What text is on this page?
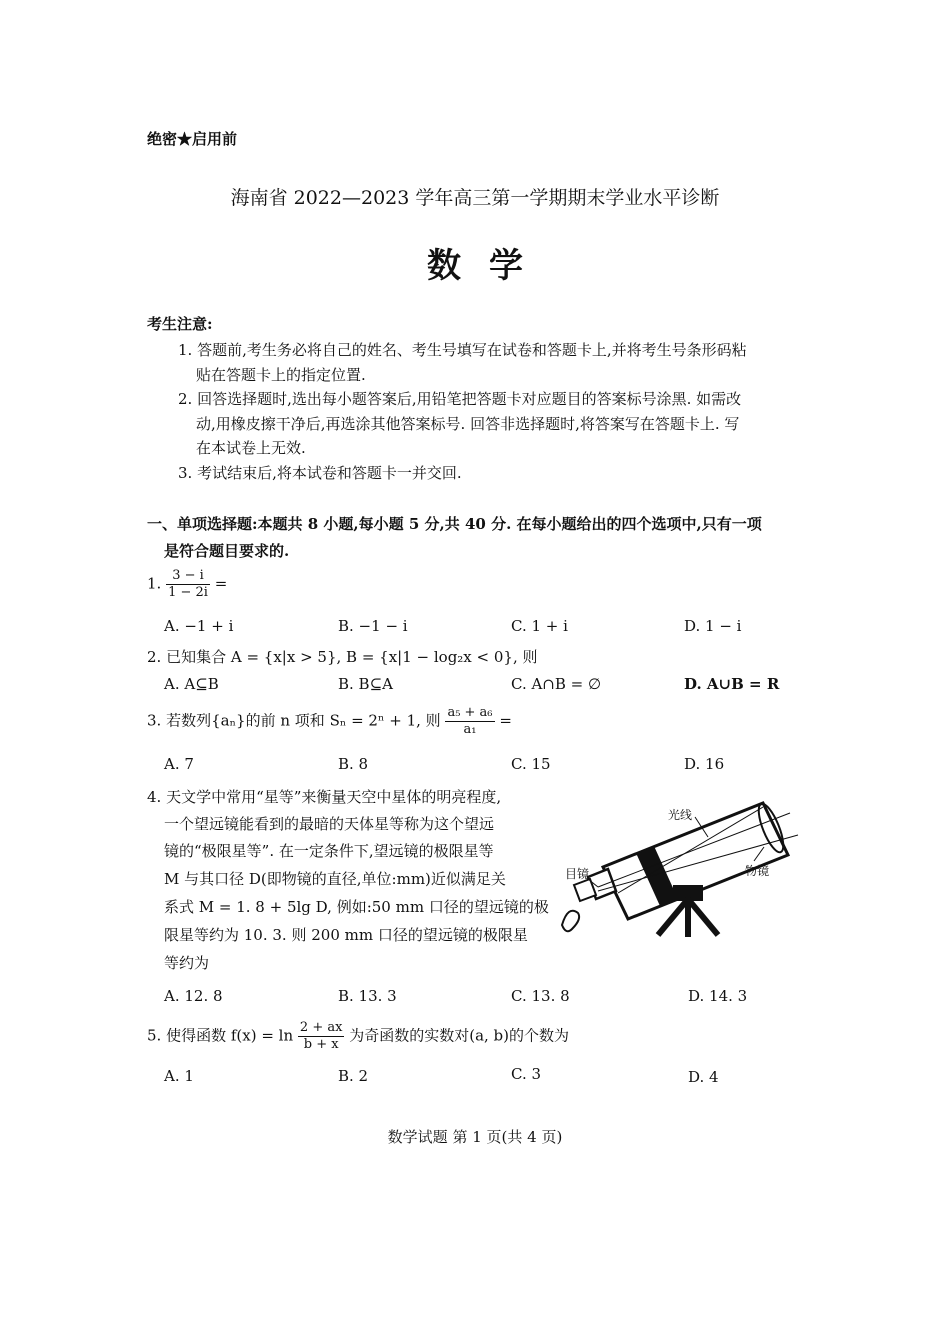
绝密★启用前
海南省 2022—2023 学年高三第一学期期末学业水平诊断
数学
考生注意:
1. 答题前,考生务必将自己的姓名、考生号填写在试卷和答题卡上,并将考生号条形码粘
贴在答题卡上的指定位置.
2. 回答选择题时,选出每小题答案后,用铅笔把答题卡对应题目的答案标号涂黑. 如需改
动,用橡皮擦干净后,再选涂其他答案标号. 回答非选择题时,将答案写在答题卡上. 写
在本试卷上无效.
3. 考试结束后,将本试卷和答题卡一并交回.
一、单项选择题:本题共 8 小题,每小题 5 分,共 40 分. 在每小题给出的四个选项中,只有一项
是符合题目要求的.
1. $\frac{3 - i}{1 - 2i}$ =
A. −1 + i	B. −1 − i	C. 1 + i	D. 1 − i
2. 已知集合 A = {x|x > 5}, B = {x|1 − log₂x < 0}, 则
A. A⊆B	B. B⊆A	C. A∩B = ∅	D. A∪B = R
3. 若数列{aₙ}的前 n 项和 Sₙ = 2ⁿ + 1, 则 $\frac{\text{a₅ + a₆}}{\text{a₁}}$ =
A. 7	B. 8	C. 15	D. 16
4. 天文学中常用“星等”来衡量天空中星体的明亮程度,
一个望远镜能看到的最暗的天体星等称为这个望远
镜的“极限星等”. 在一定条件下,望远镜的极限星等
M 与其口径 D(即物镜的直径,单位:mm)近似满足关
系式 M = 1. 8 + 5lg D, 例如:50 mm 口径的望远镜的极
限星等约为 10. 3. 则 200 mm 口径的望远镜的极限星
等约为
A. 12. 8	B. 13. 3	C. 13. 8	D. 14. 3
光线
目镜	物镜
5. 使得函数 $f(x) = \ln \frac{2 + ax}{b + x}$ 为奇函数的实数对(a, b)的个数为
A. 1	B. 2	C. 3	D. 4
数学试题 第 1 页(共 4 页)
